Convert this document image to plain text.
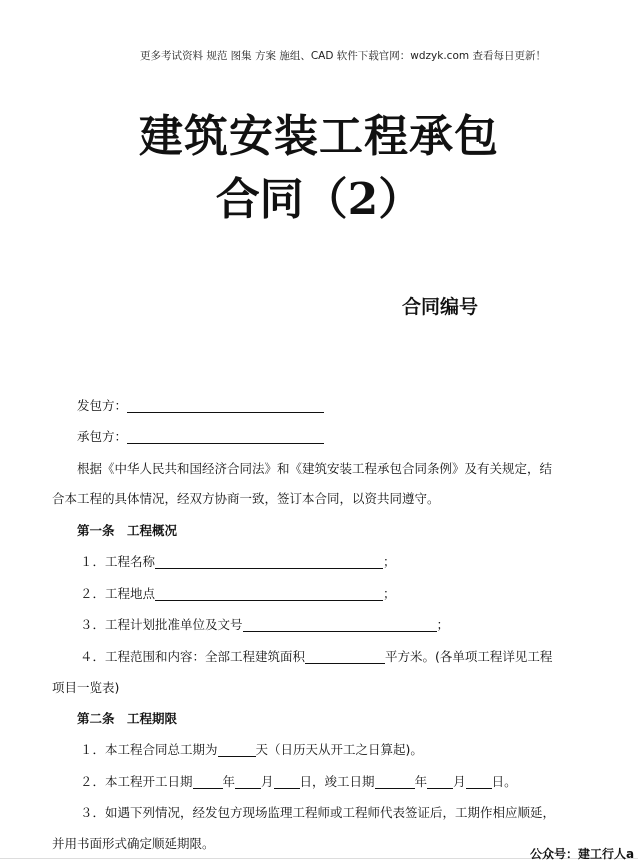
更多考试资料 规范 图集 方案 施组、CAD 软件下载官网：wdzyk.com 查看每日更新！
建筑安装工程承包
合同（2）
合同编号
发包方：
承包方：
根据《中华人民共和国经济合同法》和《建筑安装工程承包合同条例》及有关规定，结
合本工程的具体情况，经双方协商一致，签订本合同，以资共同遵守。
第一条　工程概况
１．工程名称	；
２．工程地点	；
３．工程计划批准单位及文号	；
４．工程范围和内容：全部工程建筑面积	平方米。(各单项工程详见工程
项目一览表)
第二条　工程期限
１．本工程合同总工期为	天（日历天从开工之日算起)。
２．本工程开工日期 年 月 日，竣工日期	年 月 日。
３．如遇下列情况，经发包方现场监理工程师或工程师代表签证后，工期作相应顺延，
并用书面形式确定顺延期限。
公众号：建工行人a
